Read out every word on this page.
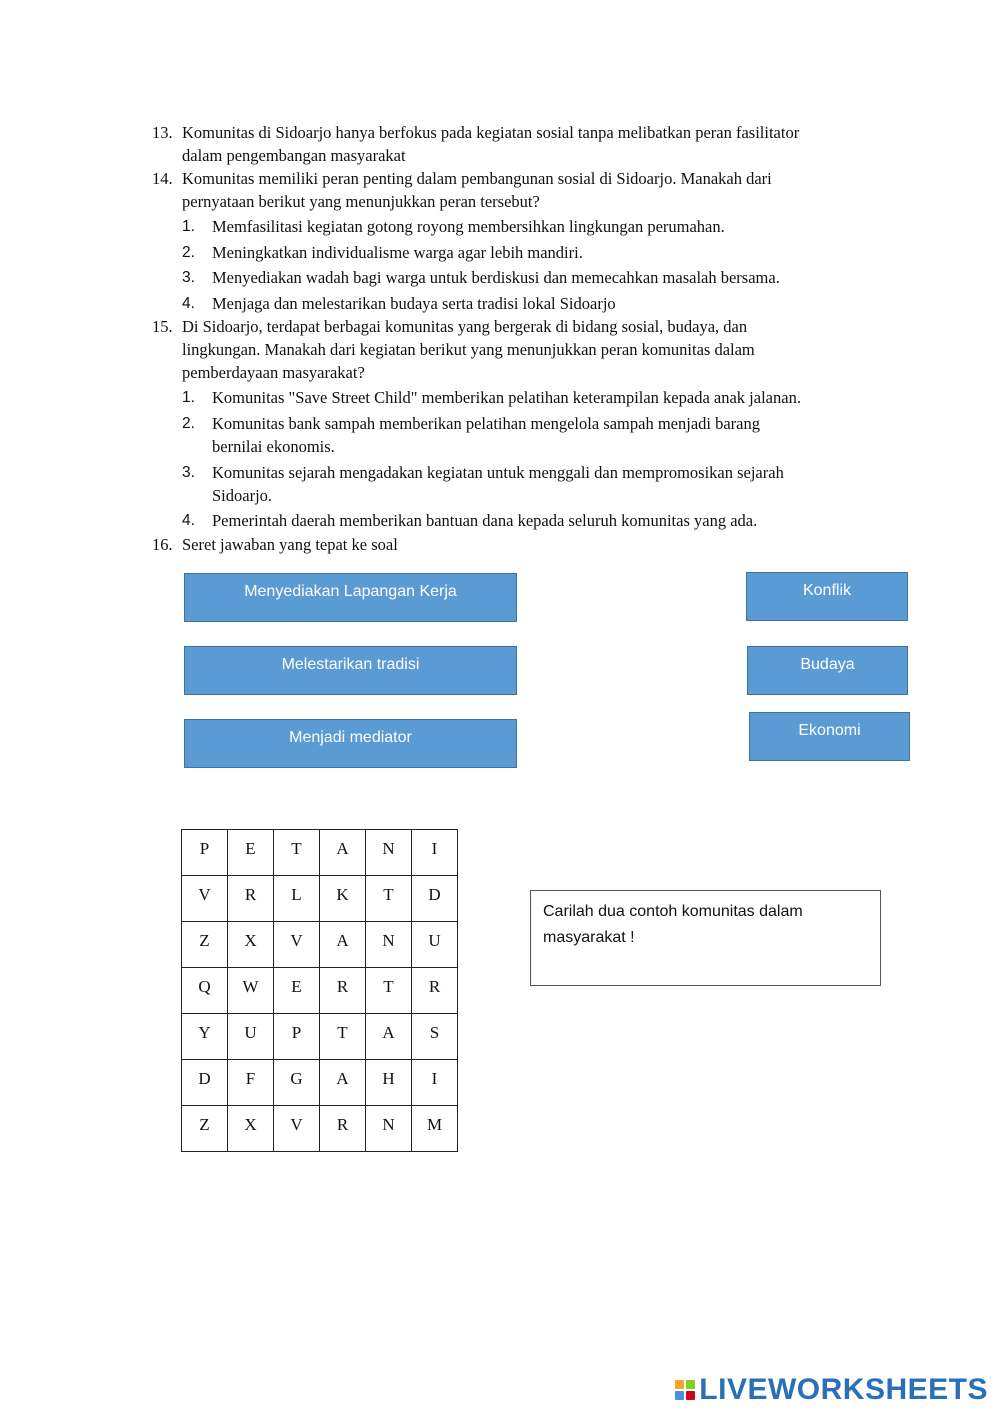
13. Komunitas di Sidoarjo hanya berfokus pada kegiatan sosial tanpa melibatkan peran fasilitator
dalam pengembangan masyarakat
14. Komunitas memiliki peran penting dalam pembangunan sosial di Sidoarjo. Manakah dari
pernyataan berikut yang menunjukkan peran tersebut?
1. Memfasilitasi kegiatan gotong royong membersihkan lingkungan perumahan.
2. Meningkatkan individualisme warga agar lebih mandiri.
3. Menyediakan wadah bagi warga untuk berdiskusi dan memecahkan masalah bersama.
4. Menjaga dan melestarikan budaya serta tradisi lokal Sidoarjo
15. Di Sidoarjo, terdapat berbagai komunitas yang bergerak di bidang sosial, budaya, dan
lingkungan. Manakah dari kegiatan berikut yang menunjukkan peran komunitas dalam
pemberdayaan masyarakat?
1. Komunitas "Save Street Child" memberikan pelatihan keterampilan kepada anak jalanan.
2. Komunitas bank sampah memberikan pelatihan mengelola sampah menjadi barang
bernilai ekonomis.
3. Komunitas sejarah mengadakan kegiatan untuk menggali dan mempromosikan sejarah
Sidoarjo.
4. Pemerintah daerah memberikan bantuan dana kepada seluruh komunitas yang ada.
16. Seret jawaban yang tepat ke soal
Menyediakan Lapangan Kerja
Melestarikan tradisi
Menjadi mediator
Konflik
Budaya
Ekonomi
P	E	T	A	N	I
V	R	L	K	T	D
Z	X	V	A	N	U
Q	W	E	R	T	R
Y	U	P	T	A	S
D	F	G	A	H	I
Z	X	V	R	N	M
Carilah dua contoh komunitas dalam
masyarakat !
LIVEWORKSHEETS
